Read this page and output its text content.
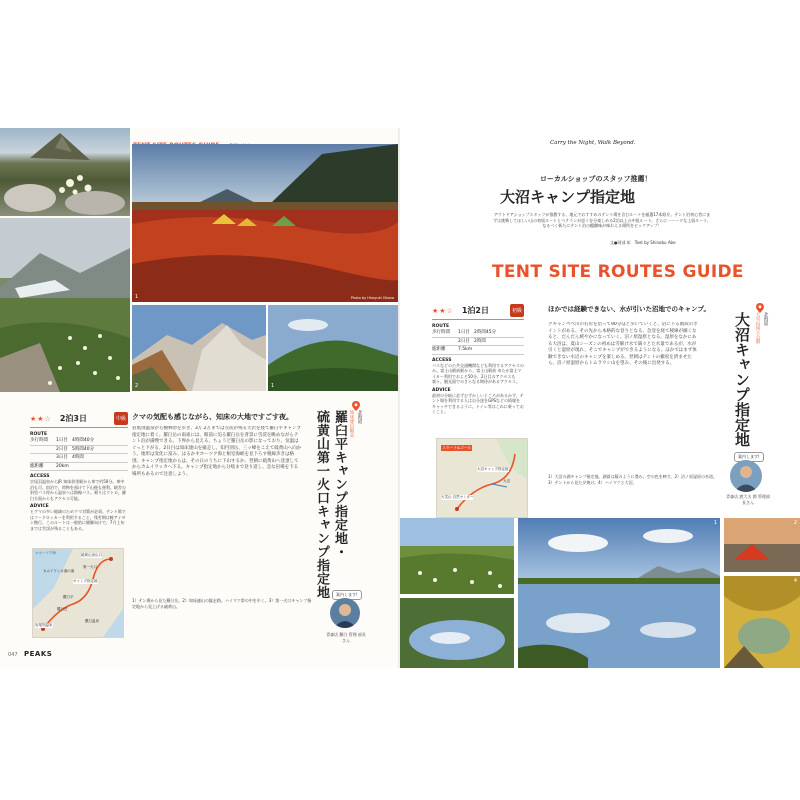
1	Photo by Hiroyuki Okano
2	1
★★☆ 2泊3日	中級
ROUTE
歩行時間	1日目 4時間40分
2日目 5時間40分
3日目 4時間
総距離	20km
ACCESS
宗尾羽温泉からJR 知床斜里駅から車で約50分。車中泊も可。宿泊で、荷物を預けて下山後も便利。駅舎の斜里バス停から温泉へは路線バス。帰りはウトロ、羅臼方面からもアクセス可能。
ADVICE
ヒグマの多い地域のためクマ対策が必須。テント場ではフードロッカーを利用すること。残雪期は軽アイゼン携行。このルートは一般的に健脚向けで、7月上旬までは雪渓が残ることもある。
オホーツク海
カムイワッカ湯の滝
硫黄山登山口
第一火口
キャンプ指定地
羅臼平
羅臼岳
羅臼温泉
岩尾別温泉
クマの気配も感じながら、知床の大地ですごす夜。
岩尾別温泉から樹林帯を歩き、3万 2万までは雪渓が残る大沢を経て羅臼平キャンプ指定地に着く。羅臼岳の南東には、眼前に迫る羅臼岳を背景に雪渓を眺めながらテント泊が満喫できる。下界から見える、ちょうど羅臼岳の影になっており、気温はぐっと下がる。2日目は知床連山を縦走し、知円別岳、三ッ峰をこえて硫黄山へ向かう。地形は変化に富み、はるかオホーツク海と根室海峡を見下ろす稜線歩きは格別。キャンプ指定地からは、その日のうちに下山するか、翌朝に硫黄山へ登頂してからカムイワッカへ下る。キャンプ指定地から分岐まで登り返し、急な岩場を下る場所もあるので注意しよう。
1）テン場から見た羅臼岳。2）知床連山の縦走路。ハイマツ帯の中を歩く。3）第一火口キャンプ指定地から見上げる硫黄山。
北海道
知床連山縦走
羅臼平キャンプ指定地・
硫黄山第一火口キャンプ指定地	案内します!
青森店 羅臼 管理 部長さん
047 PEAKS
Carry the Night, Walk Beyond.
ローカルショップのスタッフ推薦！
大沼キャンプ指定地
アウトドアショップスタッフが推薦する、地元でおすすめのテント場を含むルートを厳選17本紹介。テント泊初心者にまずは挑戦してほしい山の初級ルートとベテランが思う存分楽しめる2泊以上の中級ルート。さらに一ーードな上級ルート、なるべく新たにテント泊の醍醐味が味わえる場所をピックアップ！
文●阿部 彰　Text by Shinobu Abe
TENT SITE ROUTES GUIDE
★★☆ 1泊2日	初級
ROUTE
歩行時間	1日目 2時間45分
2日目 2時間
総距離	7.5km
ACCESS
バスなどの公共交通機関なども利用するアクセスのみ。富士山駅前駅から、富士山駅前 ゆたか富士マイカー利用でおよそ50分。2日目のアクセスも楽々。観光面でのさらなる期待があるアクセス。
ADVICE
最初の分岐に必ずむずかしいところがあるかず、テント場を利用する人は自分達をGPSなどの情報をキャッチできるように。トイレ等はこれに乗っておくこと。
スタート&ゴール
大雪山 自然センター
大沼
大沼キャンプ指定地
ほかでは経験できない、水が引いた沼地でのキャンプ。
クキャンペベ川の右岸を沿って90分ほど歩いていくと、沼に下る階段のポイントがある。その先から本格的な登りとなる。急登を経て稜線が細くなると、だんだん緩やかになっていく。沼ノ原湿原となる。湿原をなかにある大沼は、夏山シーズンの初めは雪解け水で満々とた水量であるが、水が引くと湿原が現れ、そこでキャンプができるようになる。ほかではまず体験できない水辺のキャンプを楽しめる。翌朝はテントの撤収を済ませたら、沼ノ原湿原からトムラウシ山を望み、その後に出発する。
1）大沼の湖キャンプ指定地。湖面は鏡のように澄み、空の色を映す。2）沼ノ原湿原の木道。3）テントから見た夕焼け。4）ハイマツと大沼。
北海道
大雪山国立公園
大沼キャンプ指定地
案内します!
青森店 渡大夫 開 管理部長さん
1	2
4
